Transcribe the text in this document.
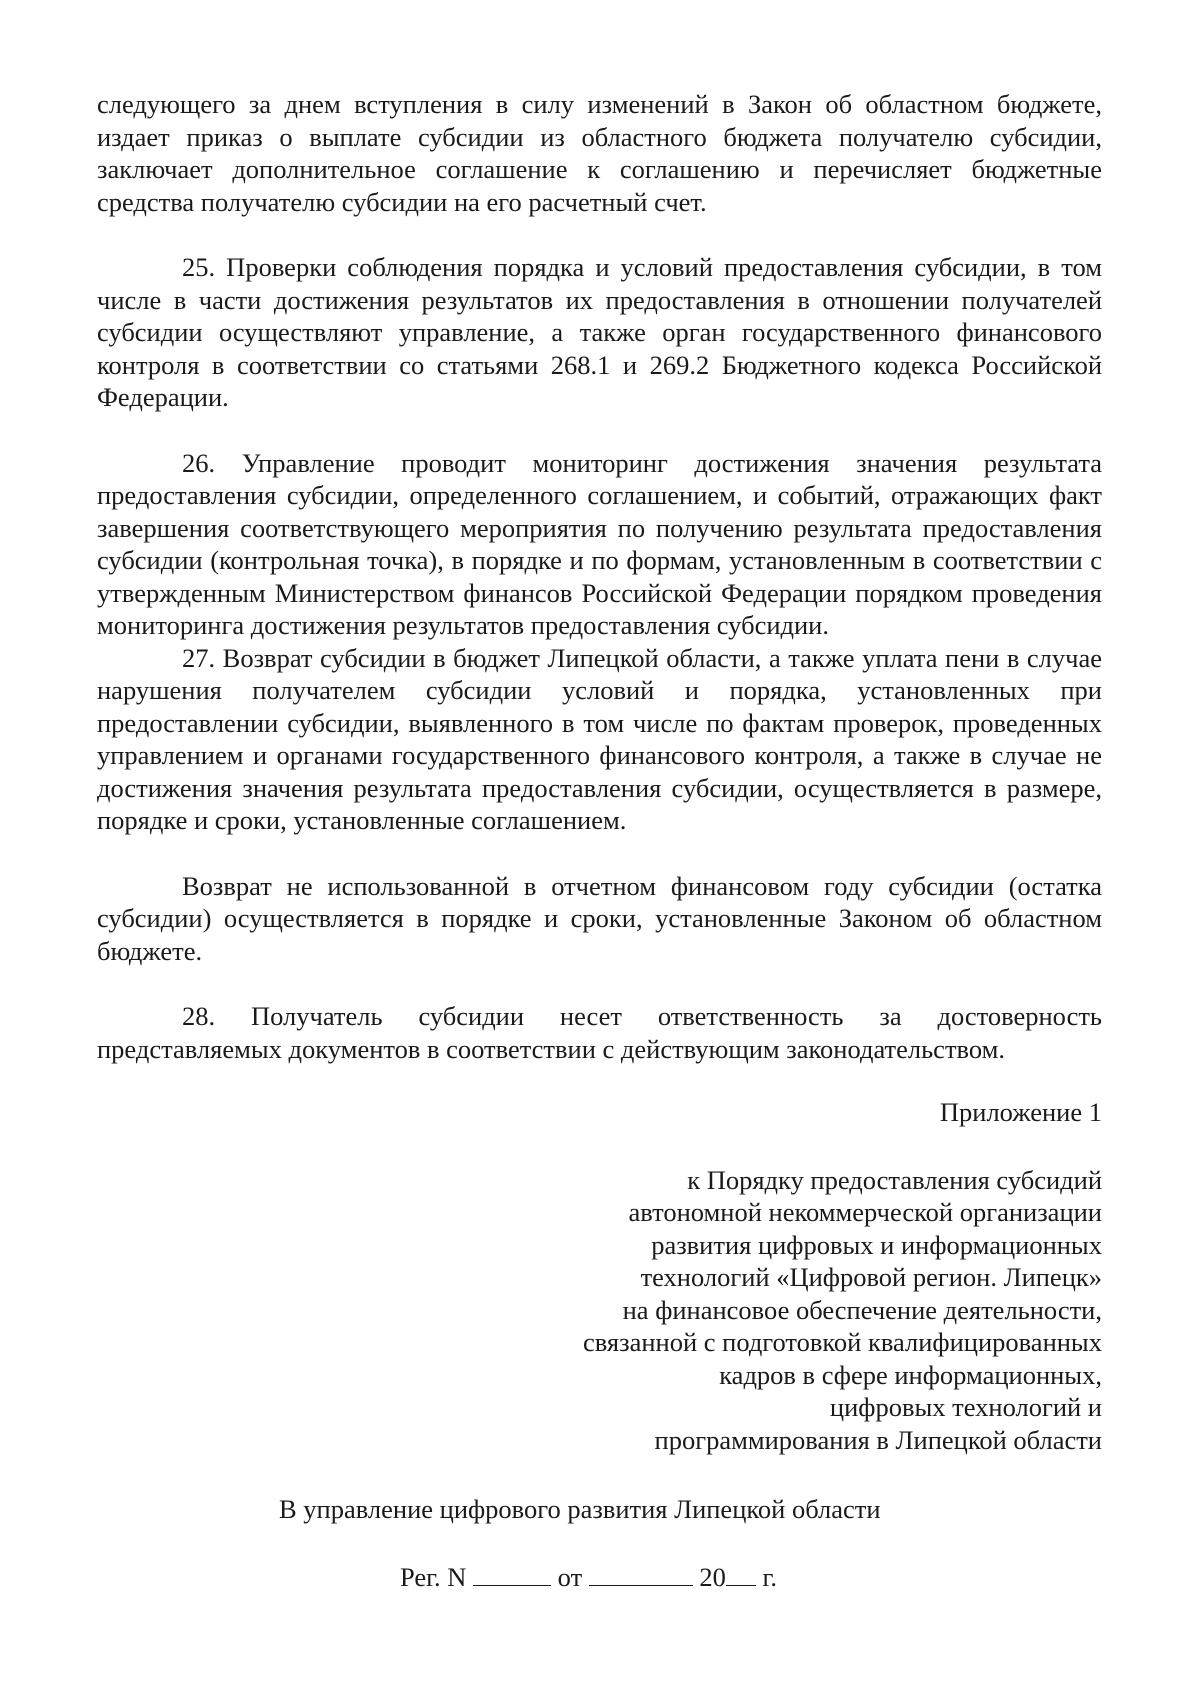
следующего за днем вступления в силу изменений в Закон об областном бюджете, издает приказ о выплате субсидии из областного бюджета получателю субсидии, заключает дополнительное соглашение к соглашению и перечисляет бюджетные средства получателю субсидии на его расчетный счет.

25. Проверки соблюдения порядка и условий предоставления субсидии, в том числе в части достижения результатов их предоставления в отношении получателей субсидии осуществляют управление, а также орган государственного финансового контроля в соответствии со статьями 268.1 и 269.2 Бюджетного кодекса Российской Федерации.

26. Управление проводит мониторинг достижения значения результата предоставления субсидии, определенного соглашением, и событий, отражающих факт завершения соответствующего мероприятия по получению результата предоставления субсидии (контрольная точка), в порядке и по формам, установленным в соответствии с утвержденным Министерством финансов Российской Федерации порядком проведения мониторинга достижения результатов предоставления субсидии.

27. Возврат субсидии в бюджет Липецкой области, а также уплата пени в случае нарушения получателем субсидии условий и порядка, установленных при предоставлении субсидии, выявленного в том числе по фактам проверок, проведенных управлением и органами государственного финансового контроля, а также в случае не достижения значения результата предоставления субсидии, осуществляется в размере, порядке и сроки, установленные соглашением.

Возврат не использованной в отчетном финансовом году субсидии (остатка субсидии) осуществляется в порядке и сроки, установленные Законом об областном бюджете.

28. Получатель субсидии несет ответственность за достоверность представляемых документов в соответствии с действующим законодательством.

Приложение 1
к Порядку предоставления субсидий
автономной некоммерческой организации
развития цифровых и информационных
технологий «Цифровой регион. Липецк»
на финансовое обеспечение деятельности,
связанной с подготовкой квалифицированных
кадров в сфере информационных,
цифровых технологий и
программирования в Липецкой области
В управление цифрового развития Липецкой области
Рег. N	от	20 г.
